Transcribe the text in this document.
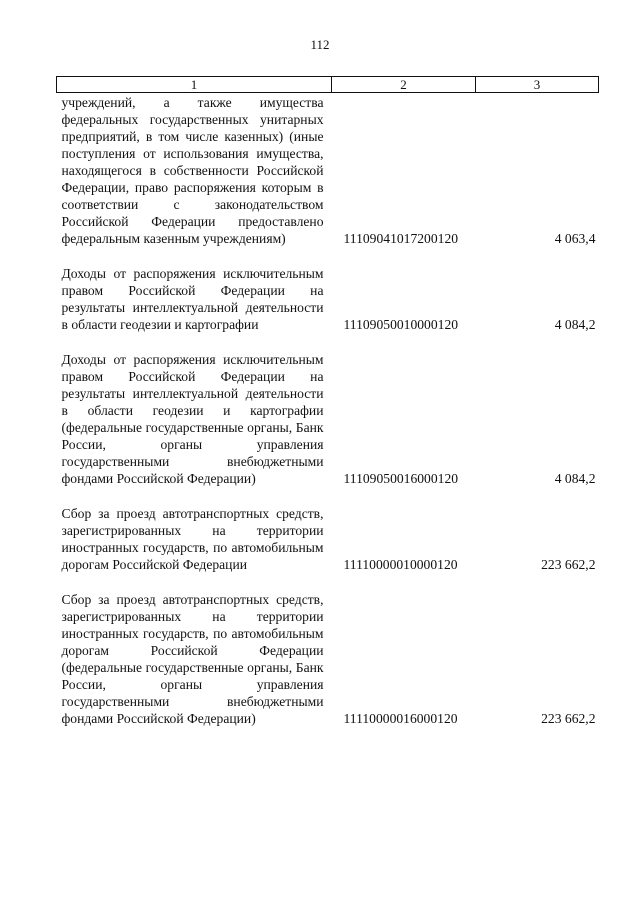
112
1	2	3
учреждений, а также имущества федеральных государственных унитарных предприятий, в том числе казенных) (иные поступления от использования имущества, находящегося в собственности Российской Федерации, право распоряжения которым в соответствии с законодательством Российской Федерации предоставлено федеральным казенным учреждениям)	11109041017200120	4 063,4
Доходы от распоряжения исключительным правом Российской Федерации на результаты интеллектуальной деятельности в области геодезии и картографии	11109050010000120	4 084,2
Доходы от распоряжения исключительным правом Российской Федерации на результаты интеллектуальной деятельности в области геодезии и картографии (федеральные государственные органы, Банк России, органы управления государственными внебюджетными фондами Российской Федерации)	11109050016000120	4 084,2
Сбор за проезд автотранспортных средств, зарегистрированных на территории иностранных государств, по автомобильным дорогам Российской Федерации	11110000010000120	223 662,2
Сбор за проезд автотранспортных средств, зарегистрированных на территории иностранных государств, по автомобильным дорогам Российской Федерации (федеральные государственные органы, Банк России, органы управления государственными внебюджетными фондами Российской Федерации)	11110000016000120	223 662,2
